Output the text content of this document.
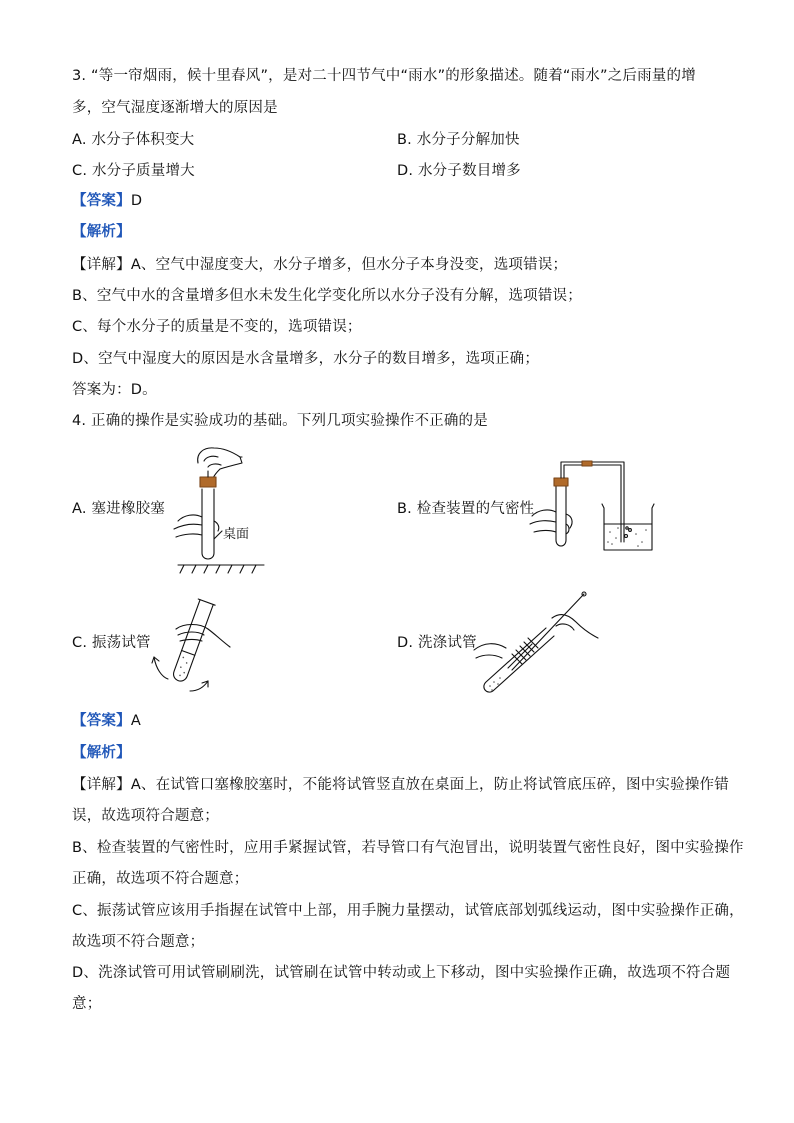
3. “等一帘烟雨，候十里春风”，是对二十四节气中“雨水”的形象描述。随着“雨水”之后雨量的增
多，空气湿度逐渐增大的原因是
A. 水分子体积变大	B. 水分子分解加快
C. 水分子质量增大	D. 水分子数目增多
【答案】D
【解析】
【详解】A、空气中湿度变大，水分子增多，但水分子本身没变，选项错误；
B、空气中水的含量增多但水未发生化学变化所以水分子没有分解，选项错误；
C、每个水分子的质量是不变的，选项错误；
D、空气中湿度大的原因是水含量增多，水分子的数目增多，选项正确；
答案为：D。
4. 正确的操作是实验成功的基础。下列几项实验操作不正确的是
A. 塞进橡胶塞	B. 检查装置的气密性
C. 振荡试管	D. 洗涤试管
桌面
【答案】A
【解析】
【详解】A、在试管口塞橡胶塞时，不能将试管竖直放在桌面上，防止将试管底压碎，图中实验操作错
误，故选项符合题意；
B、检查装置的气密性时，应用手紧握试管，若导管口有气泡冒出，说明装置气密性良好，图中实验操作
正确，故选项不符合题意；
C、振荡试管应该用手指握在试管中上部，用手腕力量摆动，试管底部划弧线运动，图中实验操作正确，
故选项不符合题意；
D、洗涤试管可用试管刷刷洗，试管刷在试管中转动或上下移动，图中实验操作正确，故选项不符合题
意；
